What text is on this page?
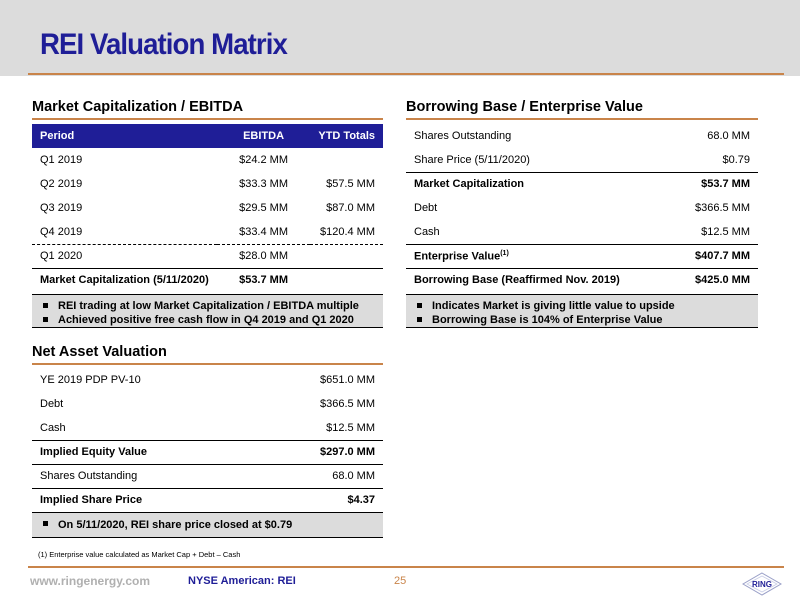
REI Valuation Matrix
Market Capitalization / EBITDA
Period	EBITDA	YTD Totals
Q1 2019	$24.2 MM	
Q2 2019	$33.3 MM	$57.5 MM
Q3 2019	$29.5 MM	$87.0 MM
Q4 2019	$33.4 MM	$120.4 MM
Q1 2020	$28.0 MM	
Market Capitalization (5/11/2020)	$53.7 MM	
REI trading at low Market Capitalization / EBITDA multiple
Achieved positive free cash flow in Q4 2019 and Q1 2020
Borrowing Base / Enterprise Value
Shares Outstanding	68.0 MM
Share Price (5/11/2020)	$0.79
Market Capitalization	$53.7 MM
Debt	$366.5 MM
Cash	$12.5 MM
Enterprise Value$^{(1)}$	$407.7 MM
Borrowing Base (Reaffirmed Nov. 2019)	$425.0 MM
Indicates Market is giving little value to upside
Borrowing Base is 104% of Enterprise Value
Net Asset Valuation
YE 2019 PDP PV-10	$651.0 MM
Debt	$366.5 MM
Cash	$12.5 MM
Implied Equity Value	$297.0 MM
Shares Outstanding	68.0 MM
Implied Share Price	$4.37
On 5/11/2020, REI share price closed at $0.79
(1) Enterprise value calculated as Market Cap + Debt – Cash
www.ringenergy.com	NYSE American: REI	25	RING
